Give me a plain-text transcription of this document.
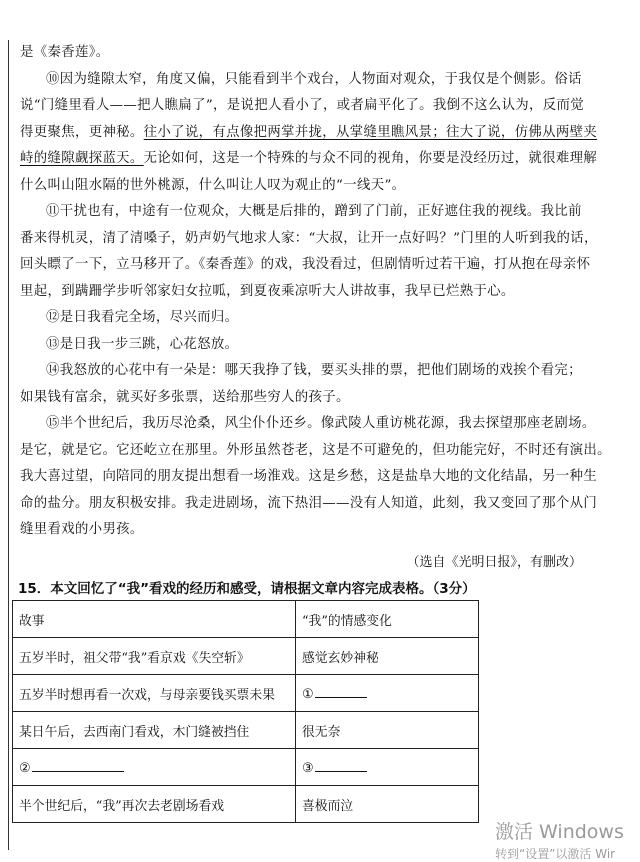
是《秦香莲》。
⑩因为缝隙太窄，角度又偏，只能看到半个戏台，人物面对观众，于我仅是个侧影。俗话
说“门缝里看人——把人瞧扁了”，是说把人看小了，或者扁平化了。我倒不这么认为，反而觉
得更聚焦，更神秘。往小了说，有点像把两掌并拢，从掌缝里瞧风景；往大了说，仿佛从两壁夹
峙的缝隙觑探蓝天。无论如何，这是一个特殊的与众不同的视角，你要是没经历过，就很难理解
什么叫山阻水隔的世外桃源，什么叫让人叹为观止的“一线天”。
⑪干扰也有，中途有一位观众，大概是后排的，蹭到了门前，正好遮住我的视线。我比前
番来得机灵，清了清嗓子，奶声奶气地求人家：“大叔，让开一点好吗？”门里的人听到我的话，
回头瞟了一下，立马移开了。《秦香莲》的戏，我没看过，但剧情听过若干遍，打从抱在母亲怀
里起，到蹒跚学步听邻家妇女拉呱，到夏夜乘凉听大人讲故事，我早已烂熟于心。
⑫是日我看完全场，尽兴而归。
⑬是日我一步三跳，心花怒放。
⑭我怒放的心花中有一朵是：哪天我挣了钱，要买头排的票，把他们剧场的戏挨个看完；
如果钱有富余，就买好多张票，送给那些穷人的孩子。
⑮半个世纪后，我历尽沧桑，风尘仆仆还乡。像武陵人重访桃花源，我去探望那座老剧场。
是它，就是它。它还屹立在那里。外形虽然苍老，这是不可避免的，但功能完好，不时还有演出。
我大喜过望，向陪同的朋友提出想看一场淮戏。这是乡愁，这是盐阜大地的文化结晶，另一种生
命的盐分。朋友积极安排。我走进剧场，流下热泪——没有人知道，此刻，我又变回了那个从门
缝里看戏的小男孩。
（选自《光明日报》，有删改）
15．本文回忆了“我”看戏的经历和感受，请根据文章内容完成表格。（3分）
故事	“我”的情感变化
五岁半时，祖父带“我”看京戏《失空斩》	感觉玄妙神秘
五岁半时想再看一次戏，与母亲要钱买票未果	①
某日午后，去西南门看戏，木门缝被挡住	很无奈
②	③
半个世纪后，“我”再次去老剧场看戏	喜极而泣
激活 Windows
转到“设置”以激活 Wir
